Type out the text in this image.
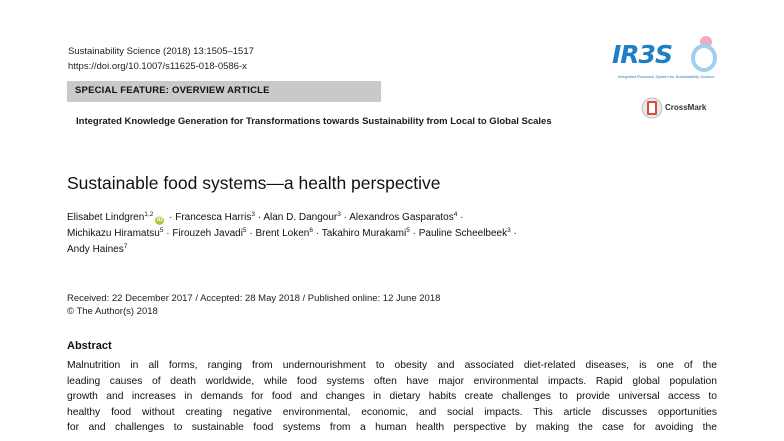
Sustainability Science (2018) 13:1505–1517
https://doi.org/10.1007/s11625-018-0586-x	IR3S
Integrated Research System for Sustainability Science
SPECIAL FEATURE: OVERVIEW ARTICLE
CrossMark
Integrated Knowledge Generation for Transformations towards Sustainability from Local to Global Scales
Sustainable food systems—a health perspective
Elisabet Lindgren$^{1,2}$iD · Francesca Harris$^3$ · Alan D. Dangour$^3$ · Alexandros Gasparatos$^4$ ·
Michikazu Hiramatsu$^5$ · Firouzeh Javadi$^5$ · Brent Loken$^6$ · Takahiro Murakami$^5$ · Pauline Scheelbeek$^3$ ·
Andy Haines$^7$
Received: 22 December 2017 / Accepted: 28 May 2018 / Published online: 12 June 2018
© The Author(s) 2018
Abstract
Malnutrition in all forms, ranging from undernourishment to obesity and associated diet-related diseases, is one of the
leading causes of death worldwide, while food systems often have major environmental impacts. Rapid global population
growth and increases in demands for food and changes in dietary habits create challenges to provide universal access to
healthy food without creating negative environmental, economic, and social impacts. This article discusses opportunities
for and challenges to sustainable food systems from a human health perspective by making the case for avoiding the
